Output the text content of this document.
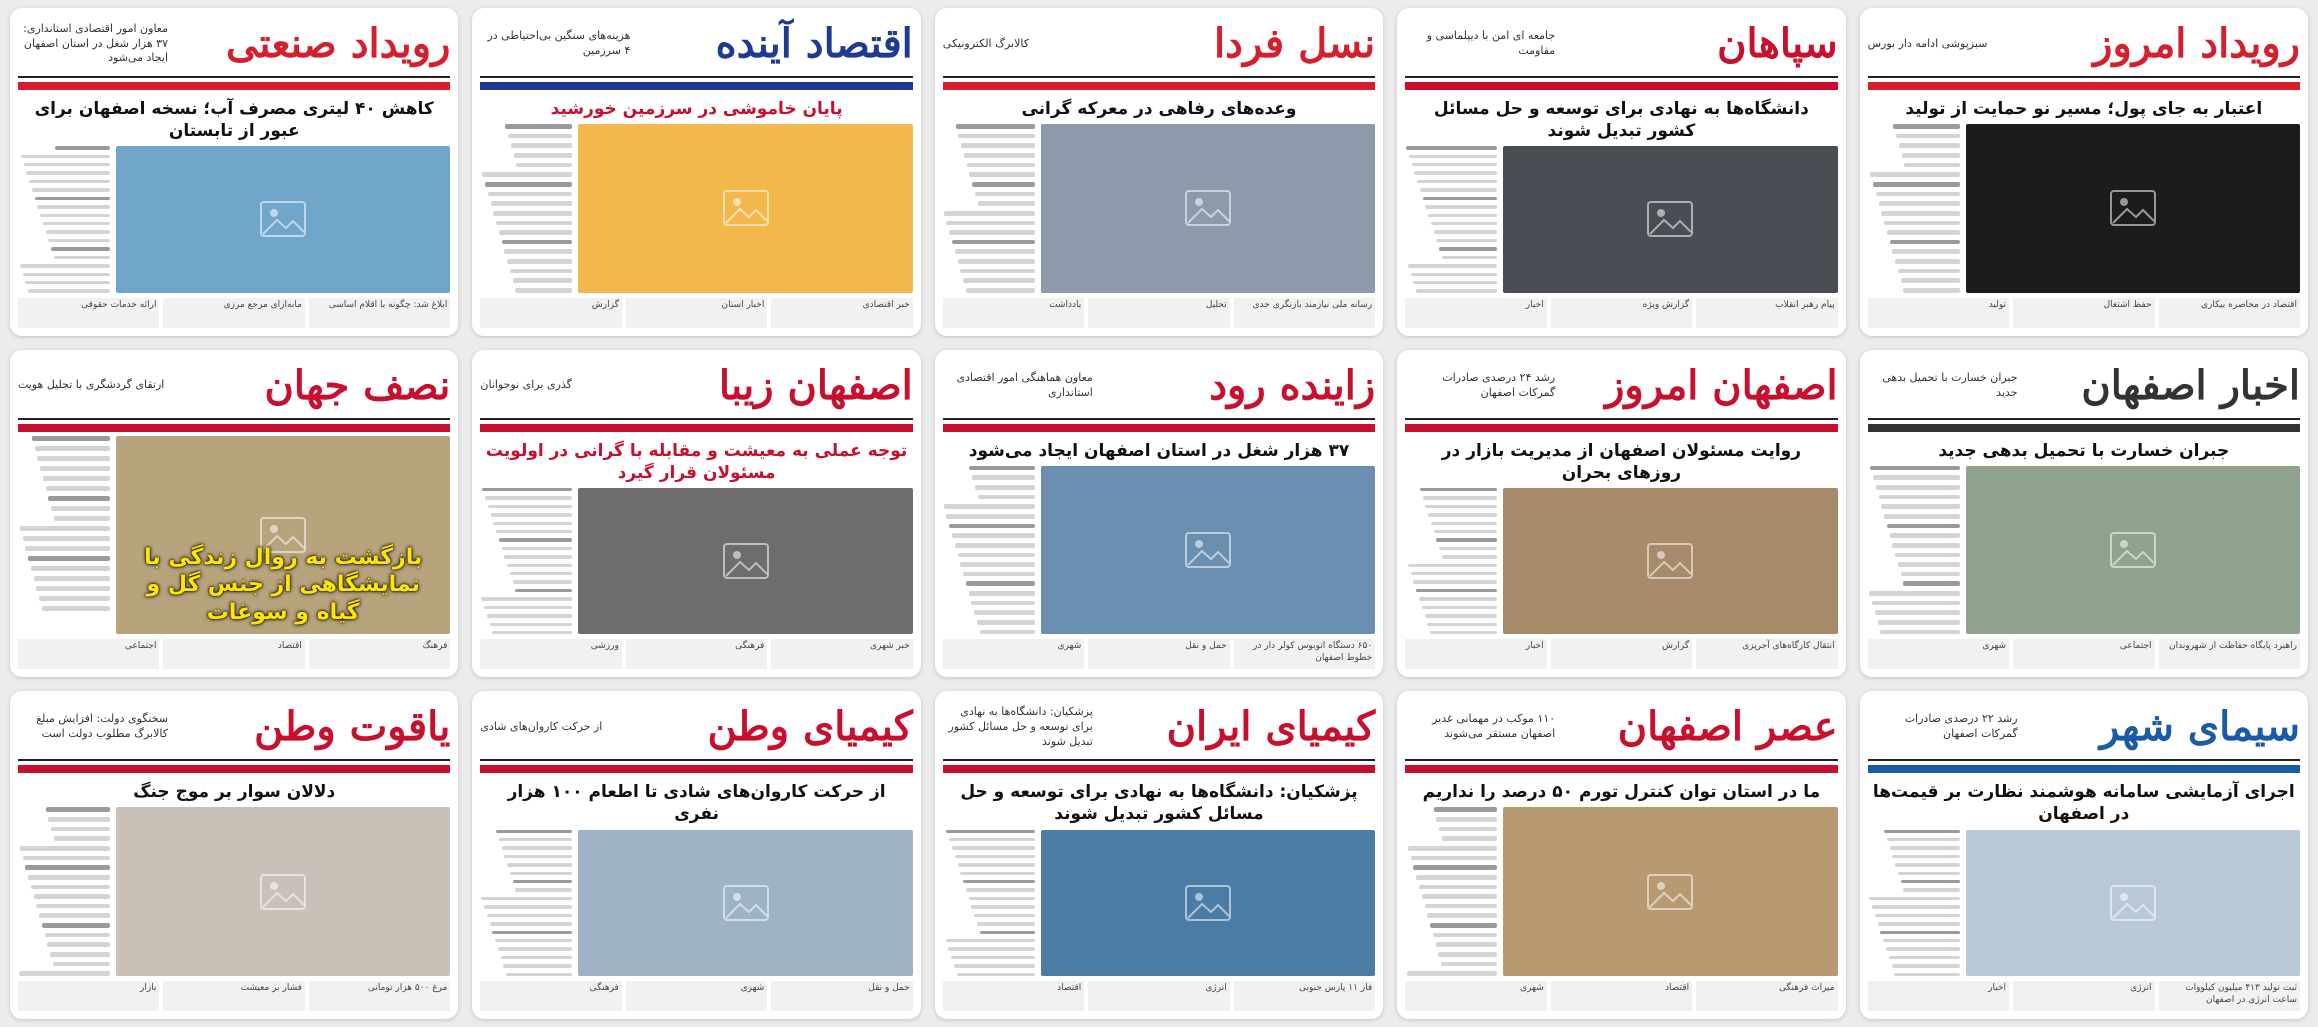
رویداد صنعتی
معاون امور اقتصادی استانداری: ۳۷ هزار شغل در استان اصفهان ایجاد می‌شود
کاهش ۴۰ لیتری مصرف آب؛ نسخه اصفهان برای عبور از تابستان
ابلاغ شد: چگونه با اقلام اساسی
مابه‌ازای مرجع مرزی
ارائه خدمات حقوقی
اقتصاد آینده
هزینه‌های سنگین بی‌احتیاطی در ۴ سرزمین
پایان خاموشی در سرزمین خورشید
خبر اقتصادی
اخبار استان
گزارش
نسل فردا
کالابرگ الکترونیکی
وعده‌های رفاهی در معرکه گرانی
رسانه ملی نیازمند بازنگری جدی
تحلیل
یادداشت
سپاهان
جامعه ای امن با دیپلماسی و مقاومت
دانشگاه‌ها به نهادی برای توسعه و حل مسائل کشور تبدیل شوند
پیام رهبر انقلاب
گزارش ویژه
اخبار
رویداد امروز
سبزپوشی ادامه دار بورس
اعتبار به جای پول؛ مسیر نو حمایت از تولید
اقتصاد در محاصره بیکاری
حفظ اشتغال
تولید
نصف جهان
ارتقای گردشگری با تجلیل هویت
بازگشت به روال زندگی با نمایشگاهی از جنس گل و گیاه و سوغات
فرهنگ
اقتصاد
اجتماعی
اصفهان زیبا
گذری برای نوجوانان
توجه عملی به معیشت و مقابله با گرانی در اولویت مسئولان قرار گیرد
خبر شهری
فرهنگی
ورزشی
زاینده رود
معاون هماهنگی امور اقتصادی استانداری
۳۷ هزار شغل در استان اصفهان ایجاد می‌شود
۶۵۰ دستگاه اتوبوس کولر دار در خطوط اصفهان
حمل و نقل
شهری
اصفهان امروز
رشد ۲۴ درصدی صادرات گمرکات اصفهان
روایت مسئولان اصفهان از مدیریت بازار در روزهای بحران
انتقال کارگاه‌های آجرپزی
گزارش
اخبار
اخبار اصفهان
جبران خسارت با تحمیل بدهی جدید
جبران خسارت با تحمیل بدهی جدید
راهبرد پایگاه حفاظت از شهروندان
اجتماعی
شهری
یاقوت وطن
سخنگوی دولت: افزایش مبلغ کالابرگ مطلوب دولت است
دلالان سوار بر موج جنگ
مرغ ۵۰۰ هزار تومانی
فشار بر معیشت
بازار
کیمیای وطن
از حرکت کاروان‌های شادی
از حرکت کاروان‌های شادی تا اطعام ۱۰۰ هزار نفری
حمل و نقل
شهری
فرهنگی
کیمیای ایران
پزشکیان: دانشگاه‌ها به نهادی برای توسعه و حل مسائل کشور تبدیل شوند
پزشکیان: دانشگاه‌ها به نهادی برای توسعه و حل مسائل کشور تبدیل شوند
فاز ۱۱ پارس جنوبی
انرژی
اقتصاد
عصر اصفهان
۱۱۰ موکب در مهمانی غدیر اصفهان مستقر می‌شوند
ما در استان توان کنترل تورم ۵۰ درصد را نداریم
میراث فرهنگی
اقتصاد
شهری
سیمای شهر
رشد ۲۲ درصدی صادرات گمرکات اصفهان
اجرای آزمایشی سامانه هوشمند نظارت بر قیمت‌ها در اصفهان
ثبت تولید ۴۱۳ میلیون کیلووات ساعت انرژی در اصفهان
انرژی
اخبار
